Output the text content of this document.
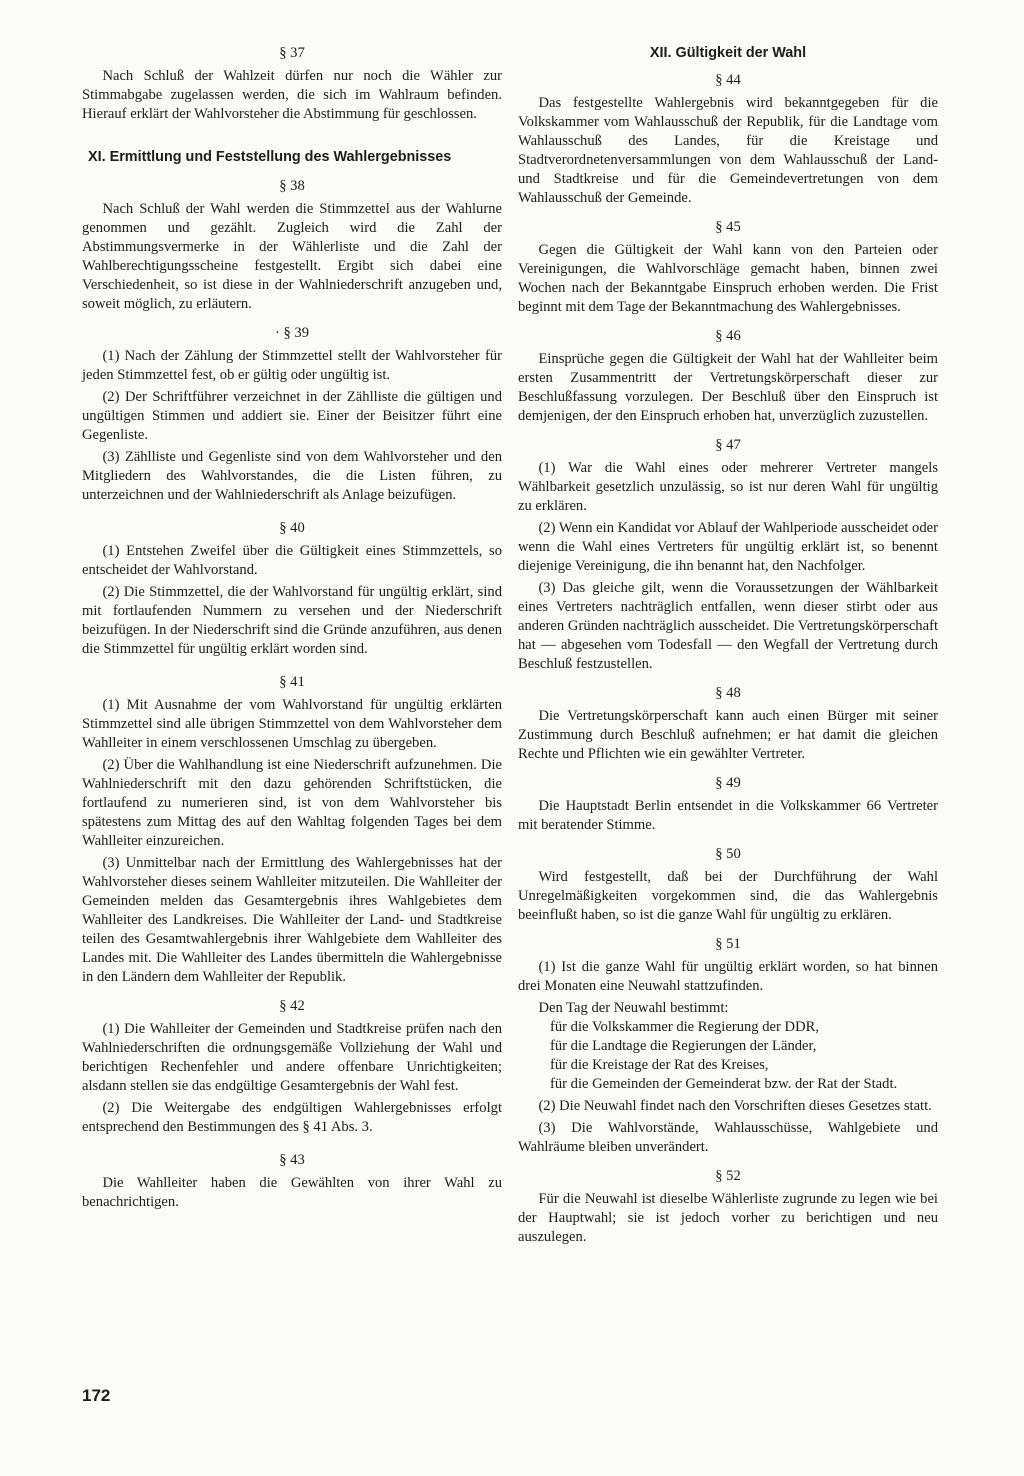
§ 37

Nach Schluß der Wahlzeit dürfen nur noch die Wähler zur Stimmabgabe zugelassen werden, die sich im Wahlraum befinden. Hierauf erklärt der Wahlvorsteher die Abstimmung für geschlossen.

XI. Ermittlung und Feststellung des Wahlergebnisses
§ 38

Nach Schluß der Wahl werden die Stimmzettel aus der Wahlurne genommen und gezählt. Zugleich wird die Zahl der Abstimmungsvermerke in der Wählerliste und die Zahl der Wahlberechtigungsscheine festgestellt. Ergibt sich dabei eine Verschiedenheit, so ist diese in der Wahlniederschrift anzugeben und, soweit möglich, zu erläutern.

· § 39

(1) Nach der Zählung der Stimmzettel stellt der Wahlvorsteher für jeden Stimmzettel fest, ob er gültig oder ungültig ist.

(2) Der Schriftführer verzeichnet in der Zählliste die gültigen und ungültigen Stimmen und addiert sie. Einer der Beisitzer führt eine Gegenliste.

(3) Zählliste und Gegenliste sind von dem Wahlvorsteher und den Mitgliedern des Wahlvorstandes, die die Listen führen, zu unterzeichnen und der Wahlniederschrift als Anlage beizufügen.

§ 40

(1) Entstehen Zweifel über die Gültigkeit eines Stimmzettels, so entscheidet der Wahlvorstand.

(2) Die Stimmzettel, die der Wahlvorstand für ungültig erklärt, sind mit fortlaufenden Nummern zu versehen und der Niederschrift beizufügen. In der Niederschrift sind die Gründe anzuführen, aus denen die Stimmzettel für ungültig erklärt worden sind.

§ 41

(1) Mit Ausnahme der vom Wahlvorstand für ungültig erklärten Stimmzettel sind alle übrigen Stimmzettel von dem Wahlvorsteher dem Wahlleiter in einem verschlossenen Umschlag zu übergeben.

(2) Über die Wahlhandlung ist eine Niederschrift aufzunehmen. Die Wahlniederschrift mit den dazu gehörenden Schriftstücken, die fortlaufend zu numerieren sind, ist von dem Wahlvorsteher bis spätestens zum Mittag des auf den Wahltag folgenden Tages bei dem Wahlleiter einzureichen.

(3) Unmittelbar nach der Ermittlung des Wahlergebnisses hat der Wahlvorsteher dieses seinem Wahlleiter mitzuteilen. Die Wahlleiter der Gemeinden melden das Gesamtergebnis ihres Wahlgebietes dem Wahlleiter des Landkreises. Die Wahlleiter der Land- und Stadtkreise teilen des Gesamtwahlergebnis ihrer Wahlgebiete dem Wahlleiter des Landes mit. Die Wahlleiter des Landes übermitteln die Wahlergebnisse in den Ländern dem Wahlleiter der Republik.

§ 42

(1) Die Wahlleiter der Gemeinden und Stadtkreise prüfen nach den Wahlniederschriften die ordnungsgemäße Vollziehung der Wahl und berichtigen Rechenfehler und andere offenbare Unrichtigkeiten; alsdann stellen sie das endgültige Gesamtergebnis der Wahl fest.

(2) Die Weitergabe des endgültigen Wahlergebnisses erfolgt entsprechend den Bestimmungen des § 41 Abs. 3.

§ 43

Die Wahlleiter haben die Gewählten von ihrer Wahl zu benachrichtigen.

XII. Gültigkeit der Wahl
§ 44

Das festgestellte Wahlergebnis wird bekanntgegeben für die Volkskammer vom Wahlausschuß der Republik, für die Landtage vom Wahlausschuß des Landes, für die Kreistage und Stadtverordnetenversammlungen von dem Wahlausschuß der Land- und Stadtkreise und für die Gemeindevertretungen von dem Wahlausschuß der Gemeinde.

§ 45

Gegen die Gültigkeit der Wahl kann von den Parteien oder Vereinigungen, die Wahlvorschläge gemacht haben, binnen zwei Wochen nach der Bekanntgabe Einspruch erhoben werden. Die Frist beginnt mit dem Tage der Bekanntmachung des Wahlergebnisses.

§ 46

Einsprüche gegen die Gültigkeit der Wahl hat der Wahlleiter beim ersten Zusammentritt der Vertretungskörperschaft dieser zur Beschlußfassung vorzulegen. Der Beschluß über den Einspruch ist demjenigen, der den Einspruch erhoben hat, unverzüglich zuzustellen.

§ 47

(1) War die Wahl eines oder mehrerer Vertreter mangels Wählbarkeit gesetzlich unzulässig, so ist nur deren Wahl für ungültig zu erklären.

(2) Wenn ein Kandidat vor Ablauf der Wahlperiode ausscheidet oder wenn die Wahl eines Vertreters für ungültig erklärt ist, so benennt diejenige Vereinigung, die ihn benannt hat, den Nachfolger.

(3) Das gleiche gilt, wenn die Voraussetzungen der Wählbarkeit eines Vertreters nachträglich entfallen, wenn dieser stirbt oder aus anderen Gründen nachträglich ausscheidet. Die Vertretungskörperschaft hat — abgesehen vom Todesfall — den Wegfall der Vertretung durch Beschluß festzustellen.

§ 48

Die Vertretungskörperschaft kann auch einen Bürger mit seiner Zustimmung durch Beschluß aufnehmen; er hat damit die gleichen Rechte und Pflichten wie ein gewählter Vertreter.

§ 49

Die Hauptstadt Berlin entsendet in die Volkskammer 66 Vertreter mit beratender Stimme.

§ 50

Wird festgestellt, daß bei der Durchführung der Wahl Unregelmäßigkeiten vorgekommen sind, die das Wahlergebnis beeinflußt haben, so ist die ganze Wahl für ungültig zu erklären.

§ 51

(1) Ist die ganze Wahl für ungültig erklärt worden, so hat binnen drei Monaten eine Neuwahl stattzufinden.

Den Tag der Neuwahl bestimmt:

für die Volkskammer die Regierung der DDR,

für die Landtage die Regierungen der Länder,

für die Kreistage der Rat des Kreises,

für die Gemeinden der Gemeinderat bzw. der Rat der Stadt.

(2) Die Neuwahl findet nach den Vorschriften dieses Gesetzes statt.

(3) Die Wahlvorstände, Wahlausschüsse, Wahlgebiete und Wahlräume bleiben unverändert.

§ 52

Für die Neuwahl ist dieselbe Wählerliste zugrunde zu legen wie bei der Hauptwahl; sie ist jedoch vorher zu berichtigen und neu auszulegen.

172
